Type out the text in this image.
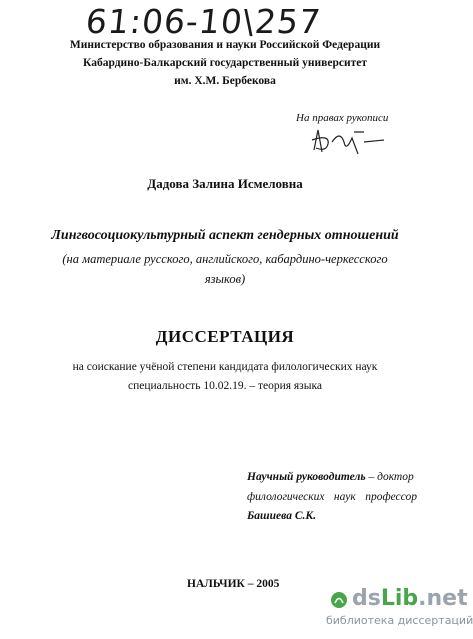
61:06-10\257
Министерство образования и науки Российской Федерации
Кабардино-Балкарский государственный университет
им. Х.М. Бербекова
На правах рукописи
Дадова Залина Исмеловна
Лингвосоциокультурный аспект гендерных отношений
(на материале русского, английского, кабардино-черкесского
языков)
ДИССЕРТАЦИЯ
на соискание учёной степени кандидата филологических наук
специальность 10.02.19. – теория языка
Научный руководитель – доктор
филологических наук профессор
Башиева С.К.
НАЛЬЧИК – 2005
dsLib.net
библиотека диссертаций
